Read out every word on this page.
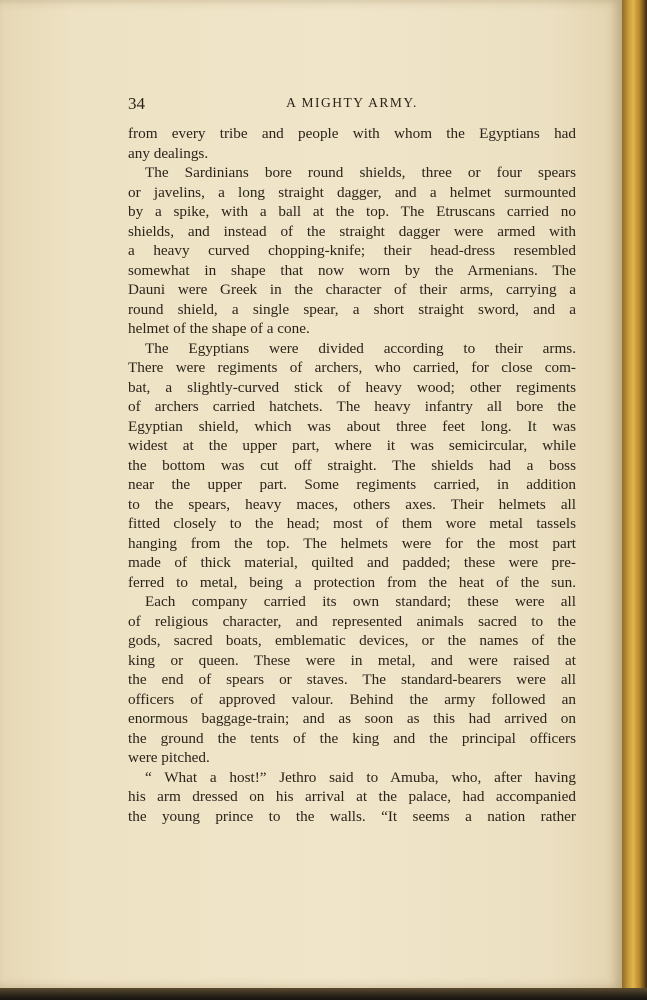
34	A MIGHTY ARMY.
from every tribe and people with whom the Egyptians had
any dealings.
The Sardinians bore round shields, three or four spears
or javelins, a long straight dagger, and a helmet surmounted
by a spike, with a ball at the top. The Etruscans carried no
shields, and instead of the straight dagger were armed with
a heavy curved chopping-knife; their head-dress resembled
somewhat in shape that now worn by the Armenians. The
Dauni were Greek in the character of their arms, carrying a
round shield, a single spear, a short straight sword, and a
helmet of the shape of a cone.
The Egyptians were divided according to their arms.
There were regiments of archers, who carried, for close com-
bat, a slightly-curved stick of heavy wood; other regiments
of archers carried hatchets. The heavy infantry all bore the
Egyptian shield, which was about three feet long. It was
widest at the upper part, where it was semicircular, while
the bottom was cut off straight. The shields had a boss
near the upper part. Some regiments carried, in addition
to the spears, heavy maces, others axes. Their helmets all
fitted closely to the head; most of them wore metal tassels
hanging from the top. The helmets were for the most part
made of thick material, quilted and padded; these were pre-
ferred to metal, being a protection from the heat of the sun.
Each company carried its own standard; these were all
of religious character, and represented animals sacred to the
gods, sacred boats, emblematic devices, or the names of the
king or queen. These were in metal, and were raised at
the end of spears or staves. The standard-bearers were all
officers of approved valour. Behind the army followed an
enormous baggage-train; and as soon as this had arrived on
the ground the tents of the king and the principal officers
were pitched.
“ What a host!” Jethro said to Amuba, who, after having
his arm dressed on his arrival at the palace, had accompanied
the young prince to the walls. “It seems a nation rather
